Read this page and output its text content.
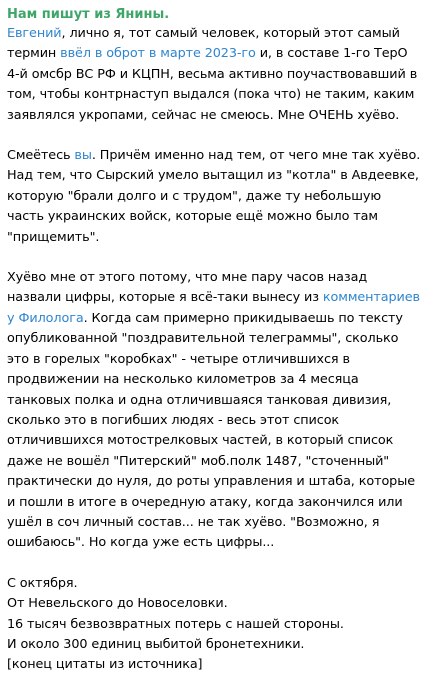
Нам пишут из Янины.

Евгений, лично я, тот самый человек, который этот самый термин ввёл в оброт в марте 2023-го и, в составе 1-го ТерО 4-й омсбр ВС РФ и КЦПН, весьма активно поучаствовавший в том, чтобы контрнаступ выдался (пока что) не таким, каким заявлялся укропами, сейчас не смеюсь. Мне ОЧЕНЬ хуёво.

Смеётесь вы. Причём именно над тем, от чего мне так хуёво. Над тем, что Сырский умело вытащил из "котла" в Авдеевке, которую "брали долго и с трудом", даже ту небольшую часть украинских войск, которые ещё можно было там "прищемить".

Хуёво мне от этого потому, что мне пару часов назад назвали цифры, которые я всё-таки вынесу из комментариев у Филолога. Когда сам примерно прикидываешь по тексту опубликованной "поздравительной телеграммы", сколько это в горелых "коробках" - четыре отличившихся в продвижении на несколько километров за 4 месяца танковых полка и одна отличившаяся танковая дивизия, сколько это в погибших людях - весь этот список отличившихся мотострелковых частей, в который список даже не вошёл "Питерский" моб.полк 1487, "сточенный" практически до нуля, до роты управления и штаба, которые и пошли в итоге в очередную атаку, когда закончился или ушёл в соч личный состав... не так хуёво. "Возможно, я ошибаюсь". Но когда уже есть цифры...

С октября.
От Невельского до Новоселовки.
16 тысяч безвозвратных потерь с нашей стороны.
И около 300 единиц выбитой бронетехники.
[конец цитаты из источника]
